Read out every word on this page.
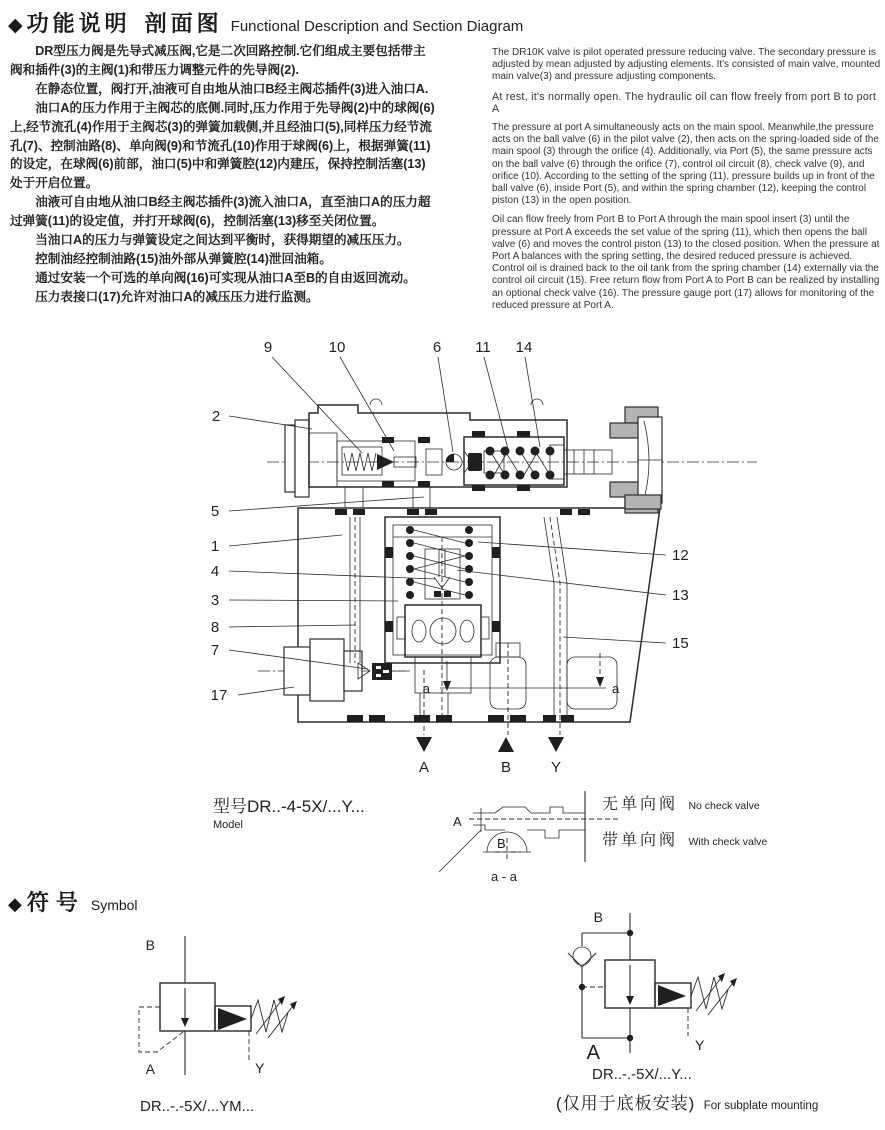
◆ 功能说明 剖面图 Functional Description and Section Diagram

DR型压力阀是先导式减压阀,它是二次回路控制.它们组成主要包括带主阀和插件(3)的主阀(1)和带压力调整元件的先导阀(2).

在静态位置，阀打开,油液可自由地从油口B经主阀芯插件(3)进入油口A.

油口A的压力作用于主阀芯的底侧.同时,压力作用于先导阀(2)中的球阀(6)上,经节流孔(4)作用于主阀芯(3)的弹簧加载侧,并且经油口(5),同样压力经节流孔(7)、控制油路(8)、单向阀(9)和节流孔(10)作用于球阀(6)上，根据弹簧(11)的设定，在球阀(6)前部，油口(5)中和弹簧腔(12)内建压，保持控制活塞(13)处于开启位置。

油液可自由地从油口B经主阀芯插件(3)流入油口A，直至油口A的压力超过弹簧(11)的设定值，并打开球阀(6)，控制活塞(13)移至关闭位置。

当油口A的压力与弹簧设定之间达到平衡时，获得期望的减压压力。

控制油经控制油路(15)油外部从弹簧腔(14)泄回油箱。

通过安装一个可选的单向阀(16)可实现从油口A至B的自由返回流动。

压力表接口(17)允许对油口A的减压压力进行监测。

The DR10K valve is pilot operated pressure reducing valve. The secondary pressure is adjusted by mean adjusted by adjusting elements. It's consisted of main valve, mounted main valve(3) and pressure adjusting components.

At rest, it's normally open. The hydraulic oil can flow freely from port B to port A

The pressure at port A simultaneously acts on the main spool. Meanwhile,the pressure acts on the ball valve (6) in the pilot valve (2), then acts on the spring-loaded side of the main spool (3) through the orifice (4). Additionally, via Port (5), the same pressure acts on the ball valve (6) through the orifice (7), control oil circuit (8), check valve (9), and orifice (10). According to the setting of the spring (11), pressure builds up in front of the ball valve (6), inside Port (5), and within the spring chamber (12), keeping the control piston (13) in the open position.

Oil can flow freely from Port B to Port A through the main spool insert (3) until the pressure at Port A exceeds the set value of the spring (11), which then opens the ball valve (6) and moves the control piston (13) to the closed position. When the pressure at Port A balances with the spring setting, the desired reduced pressure is achieved. Control oil is drained back to the oil tank from the spring chamber (14) externally via the control oil circuit (15). Free return flow from Port A to Port B can be realized by installing an optional check valve (16). The pressure gauge port (17) allows for monitoring of the reduced pressure at Port A.

a	a
A	B	Y
9	10	6 11 14
2
5
1
4
3
8
7
17
12
13
15
型号DR..-4-5X/...Y...
Model	A
B
a - a
无单向阀 No check valve
带单向阀 With check valve
◆ 符号 Symbol
B
A	Y
DR..-.-5X/...YM...
B
A	Y
DR..-.-5X/...Y...
(仅用于底板安装) For subplate mounting
